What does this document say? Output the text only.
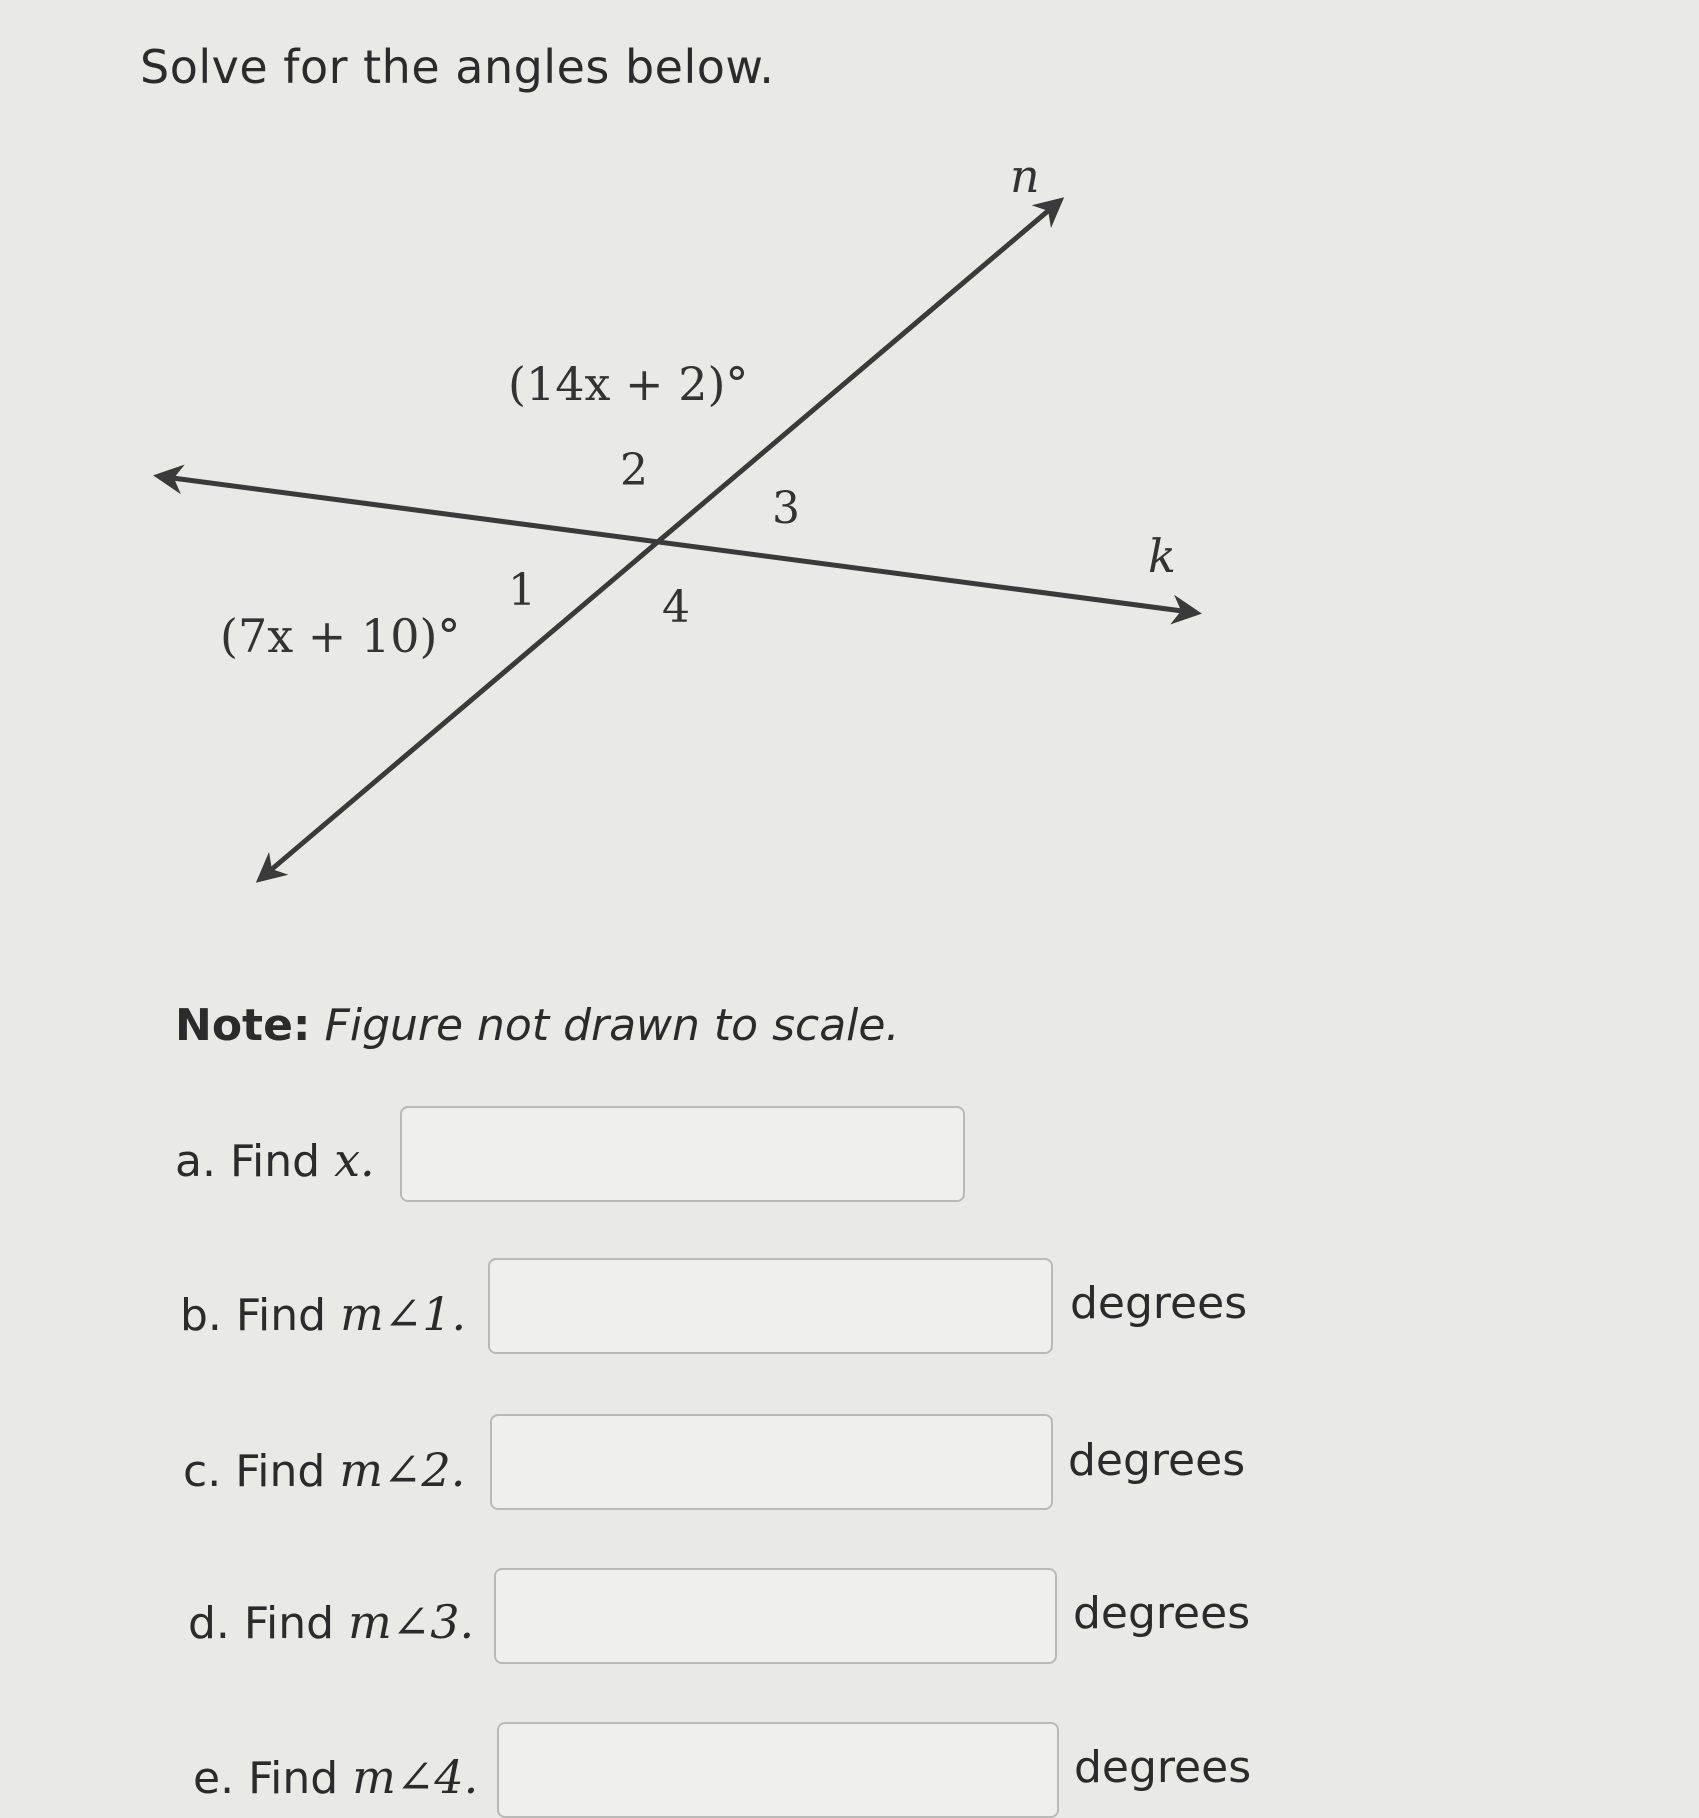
Solve for the angles below.
n
k
(14x + 2)°
(7x + 10)°
1
2
3
4
Note: Figure not drawn to scale.
a. Find x.
b. Find m∠1.	degrees
c. Find m∠2.	degrees
d. Find m∠3.	degrees
e. Find m∠4.	degrees
